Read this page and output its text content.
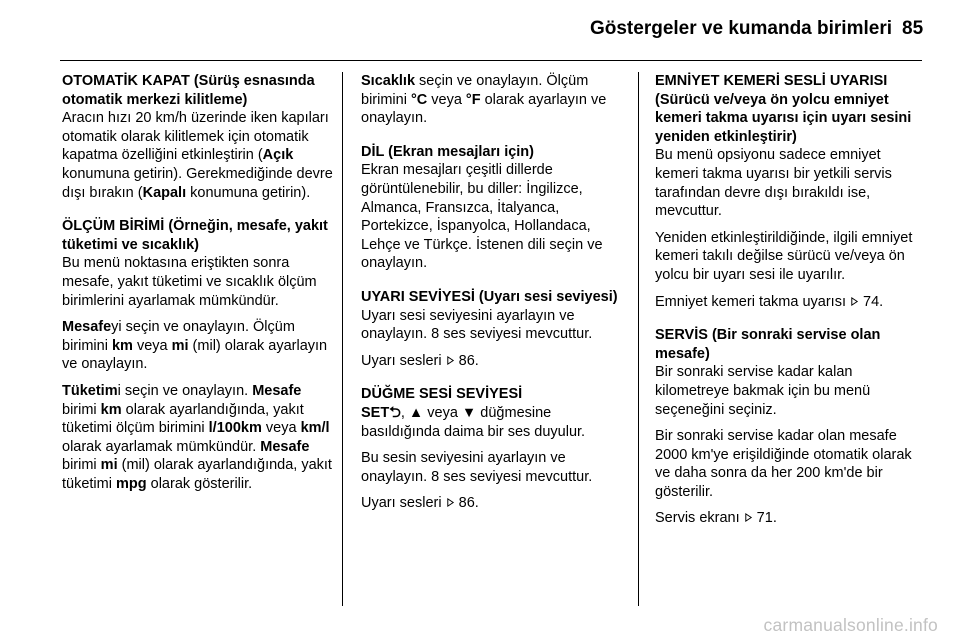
Göstergeler ve kumanda birimleri 85

OTOMATİK KAPAT (Sürüş esnasında otomatik merkezi kilitleme)

Aracın hızı 20 km/h üzerinde iken kapıları otomatik olarak kilitlemek için otomatik kapatma özelliğini etkinleştirin (Açık konumuna getirin). Gerekmediğinde devre dışı bırakın (Kapalı konumuna getirin).

ÖLÇÜM BİRİMİ (Örneğin, mesafe, yakıt tüketimi ve sıcaklık)

Bu menü noktasına eriştikten sonra mesafe, yakıt tüketimi ve sıcaklık ölçüm birimlerini ayarlamak mümkündür.

Mesafeyi seçin ve onaylayın. Ölçüm birimini km veya mi (mil) olarak ayarlayın ve onaylayın.

Tüketimi seçin ve onaylayın. Mesafe birimi km olarak ayarlandığında, yakıt tüketimi ölçüm birimini l/100km veya km/l olarak ayarlamak mümkündür. Mesafe birimi mi (mil) olarak ayarlandığında, yakıt tüketimi mpg olarak gösterilir.

Sıcaklık seçin ve onaylayın. Ölçüm birimini °C veya °F olarak ayarlayın ve onaylayın.

DİL (Ekran mesajları için)

Ekran mesajları çeşitli dillerde görüntülenebilir, bu diller: İngilizce, Almanca, Fransızca, İtalyanca, Portekizce, İspanyolca, Hollandaca, Lehçe ve Türkçe. İstenen dili seçin ve onaylayın.

UYARI SEVİYESİ (Uyarı sesi seviyesi)

Uyarı sesi seviyesini ayarlayın ve onaylayın. 8 ses seviyesi mevcuttur.

Uyarı sesleri  86.

DÜĞME SESİ SEVİYESİ

SET⮌, ▲ veya ▼ düğmesine basıldığında daima bir ses duyulur.

Bu sesin seviyesini ayarlayın ve onaylayın. 8 ses seviyesi mevcuttur.

Uyarı sesleri  86.

EMNİYET KEMERİ SESLİ UYARISI (Sürücü ve/veya ön yolcu emniyet kemeri takma uyarısı için uyarı sesini yeniden etkinleştirir)

Bu menü opsiyonu sadece emniyet kemeri takma uyarısı bir yetkili servis tarafından devre dışı bırakıldı ise, mevcuttur.

Yeniden etkinleştirildiğinde, ilgili emniyet kemeri takılı değilse sürücü ve/veya ön yolcu bir uyarı sesi ile uyarılır.

Emniyet kemeri takma uyarısı  74.

SERVİS (Bir sonraki servise olan mesafe)

Bir sonraki servise kadar kalan kilometreye bakmak için bu menü seçeneğini seçiniz.

Bir sonraki servise kadar olan mesafe 2000 km'ye erişildiğinde otomatik olarak ve daha sonra da her 200 km'de bir gösterilir.

Servis ekranı  71.

carmanualsonline.info
